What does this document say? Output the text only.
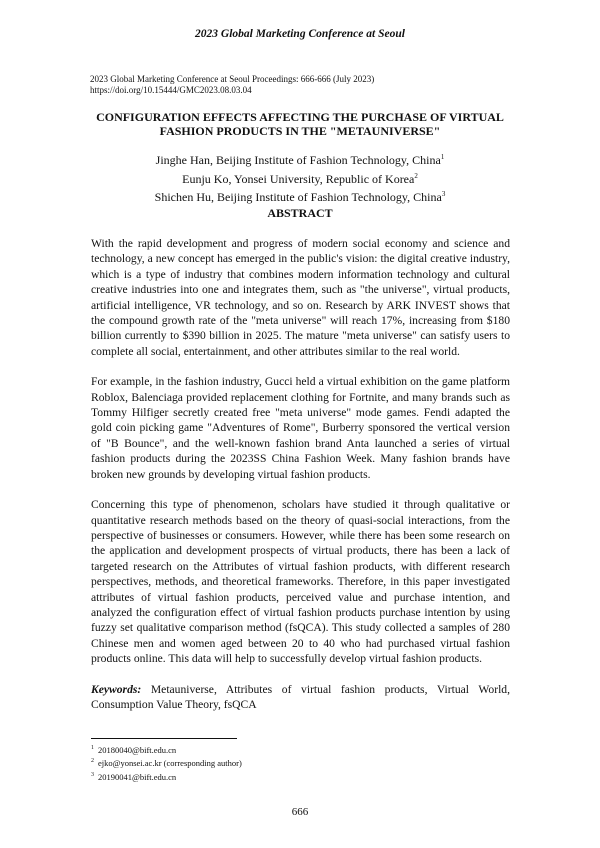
2023 Global Marketing Conference at Seoul
2023 Global Marketing Conference at Seoul Proceedings: 666-666 (July 2023)
https://doi.org/10.15444/GMC2023.08.03.04
CONFIGURATION EFFECTS AFFECTING THE PURCHASE OF VIRTUAL
FASHION PRODUCTS IN THE "METAUNIVERSE"
Jinghe Han, Beijing Institute of Fashion Technology, China$^1$
Eunju Ko, Yonsei University, Republic of Korea$^2$
Shichen Hu, Beijing Institute of Fashion Technology, China$^3$
ABSTRACT

With the rapid development and progress of modern social economy and science and technology, a new concept has emerged in the public's vision: the digital creative industry, which is a type of industry that combines modern information technology and cultural creative industries into one and integrates them, such as "the universe", virtual products, artificial intelligence, VR technology, and so on. Research by ARK INVEST shows that the compound growth rate of the "meta universe" will reach 17%, increasing from $180 billion currently to $390 billion in 2025. The mature "meta universe" can satisfy users to complete all social, entertainment, and other attributes similar to the real world.

For example, in the fashion industry, Gucci held a virtual exhibition on the game platform Roblox, Balenciaga provided replacement clothing for Fortnite, and many brands such as Tommy Hilfiger secretly created free "meta universe" mode games. Fendi adapted the gold coin picking game "Adventures of Rome", Burberry sponsored the vertical version of "B Bounce", and the well-known fashion brand Anta launched a series of virtual fashion products during the 2023SS China Fashion Week. Many fashion brands have broken new grounds by developing virtual fashion products.

Concerning this type of phenomenon, scholars have studied it through qualitative or quantitative research methods based on the theory of quasi-social interactions, from the perspective of businesses or consumers. However, while there has been some research on the application and development prospects of virtual products, there has been a lack of targeted research on the Attributes of virtual fashion products, with different research perspectives, methods, and theoretical frameworks. Therefore, in this paper investigated attributes of virtual fashion products, perceived value and purchase intention, and analyzed the configuration effect of virtual fashion products purchase intention by using fuzzy set qualitative comparison method (fsQCA). This study collected a samples of 280 Chinese men and women aged between 20 to 40 who had purchased virtual fashion products online. This data will help to successfully develop virtual fashion products.

Keywords: Metauniverse, Attributes of virtual fashion products, Virtual World, Consumption Value Theory, fsQCA

$^1$ 20180040@bift.edu.cn
$^2$ ejko@yonsei.ac.kr (corresponding author)
$^3$ 20190041@bift.edu.cn
666
